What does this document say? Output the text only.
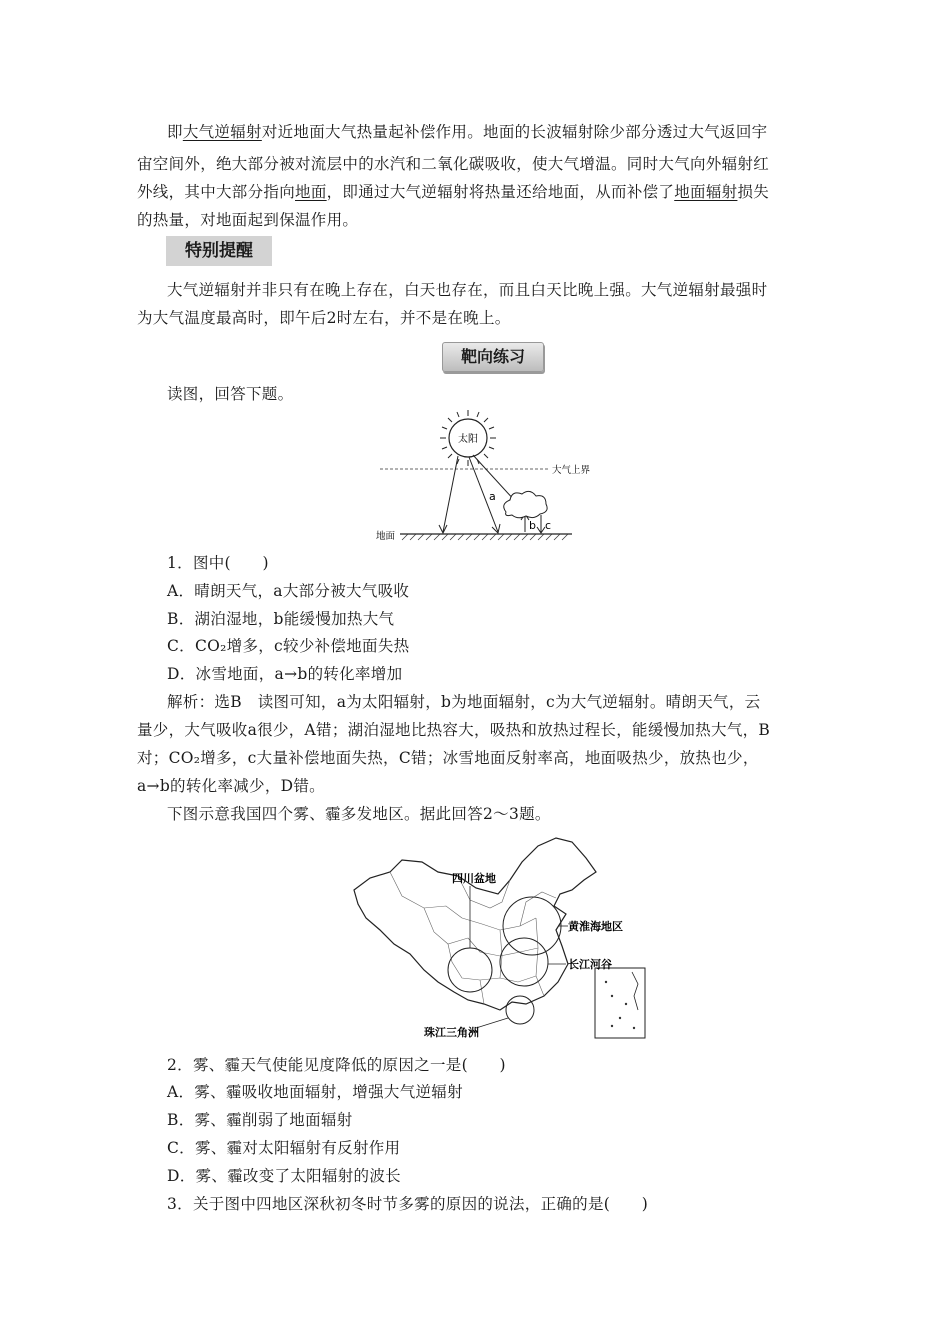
即大气逆辐射对近地面大气热量起补偿作用。地面的长波辐射除少部分透过大气返回宇
宙空间外，绝大部分被对流层中的水汽和二氧化碳吸收，使大气增温。同时大气向外辐射红
外线，其中大部分指向地面，即通过大气逆辐射将热量还给地面，从而补偿了地面辐射损失
的热量，对地面起到保温作用。
特别提醒
大气逆辐射并非只有在晚上存在，白天也存在，而且白天比晚上强。大气逆辐射最强时
为大气温度最高时，即午后2时左右，并不是在晚上。
靶向练习
读图，回答下题。
太阳
大气上界
a
b c
地面
1．图中(　　)
A．晴朗天气，a大部分被大气吸收
B．湖泊湿地，b能缓慢加热大气
C．CO₂增多，c较少补偿地面失热
D．冰雪地面，a→b的转化率增加
解析：选B　读图可知，a为太阳辐射，b为地面辐射，c为大气逆辐射。晴朗天气，云
量少，大气吸收a很少，A错；湖泊湿地比热容大，吸热和放热过程长，能缓慢加热大气，B
对；CO₂增多，c大量补偿地面失热，C错；冰雪地面反射率高，地面吸热少，放热也少，
a→b的转化率减少，D错。
下图示意我国四个雾、霾多发地区。据此回答2～3题。
四川盆地
黄淮海地区
长江河谷
珠江三角洲
2．雾、霾天气使能见度降低的原因之一是(　　)
A．雾、霾吸收地面辐射，增强大气逆辐射
B．雾、霾削弱了地面辐射
C．雾、霾对太阳辐射有反射作用
D．雾、霾改变了太阳辐射的波长
3．关于图中四地区深秋初冬时节多雾的原因的说法，正确的是(　　)
